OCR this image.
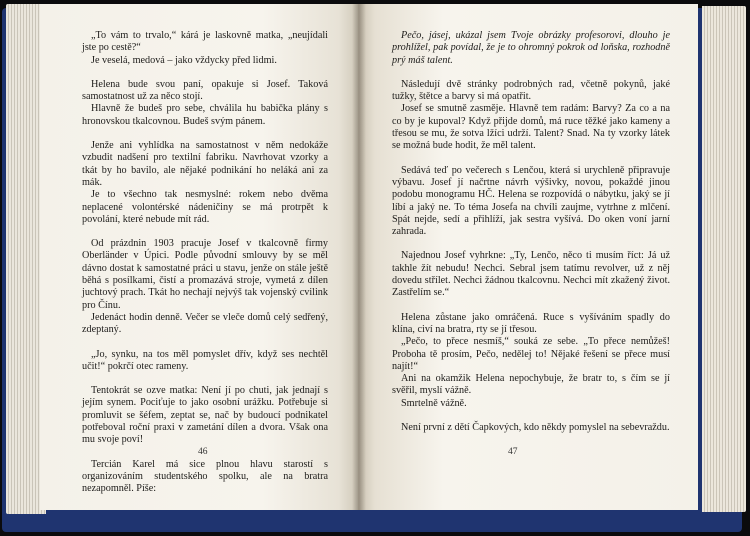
„To vám to trvalo,“ kárá je laskovně matka, „neujídali jste po cestě?“

Je veselá, medová – jako vždycky před lidmi.

Helena bude svou paní, opakuje si Josef. Taková samostatnost už za něco stojí.

Hlavně že budeš pro sebe, chválila hu babička plány s hronovskou tkalcovnou. Budeš svým pánem.

Jenže ani vyhlídka na samostatnost v něm nedokáže vzbudit nadšení pro textilní fabriku. Navrhovat vzorky a tkát by ho bavilo, ale nějaké podnikání ho neláká ani za mák.

Je to všechno tak nesmyslné: rokem nebo dvěma neplacené volontérské nádeničiny se má protrpět k povolání, které nebude mít rád.

Od prázdnin 1903 pracuje Josef v tkalcovně firmy Oberländer v Úpici. Podle původní smlouvy by se měl dávno dostat k samostatné práci u stavu, jenže on stále ještě běhá s posílkami, čistí a promazává stroje, vymetá z dílen juchtový prach. Tkát ho nechají nejvýš tak vojenský cvilink pro Čínu.

Jedenáct hodin denně. Večer se vleče domů celý sedřený, zdeptaný.

„Jo, synku, na tos měl pomyslet dřív, když ses nechtěl učit!“ pokrčí otec rameny.

Tentokrát se ozve matka: Není jí po chuti, jak jednají s jejím synem. Pociťuje to jako osobní urážku. Potřebuje si promluvit se šéfem, zeptat se, nač by budoucí podnikatel potřeboval roční praxi v zametání dílen a dvora. Však ona mu svoje poví!

Tercián Karel má sice plnou hlavu starostí s organizováním studentského spolku, ale na bratra nezapomněl. Píše:

46

Pečo, jásej, ukázal jsem Tvoje obrázky profesorovi, dlouho je prohlížel, pak povídal, že je to ohromný pokrok od loňska, rozhodně prý máš talent.

Následují dvě stránky podrobných rad, včetně pokynů, jaké tužky, štětce a barvy si má opatřit.

Josef se smutně zasměje. Hlavně tem radám: Barvy? Za co a na co by je kupoval? Když přijde domů, má ruce těžké jako kameny a třesou se mu, že sotva lžíci udrží. Talent? Snad. Na ty vzorky látek se možná bude hodit, že měl talent.

Sedává teď po večerech s Lenčou, která si urychleně připravuje výbavu. Josef jí načrtne návrh výšivky, novou, pokaždé jinou podobu monogramu HČ. Helena se rozpovídá o nábytku, jaký se jí líbí a jaký ne. To téma Josefa na chvíli zaujme, vytrhne z mlčení. Spát nejde, sedí a přihlíží, jak sestra vyšívá. Do oken voní jarní zahrada.

Najednou Josef vyhrkne: „Ty, Lenčo, něco ti musím říct: Já už takhle žít nebudu! Nechci. Sebral jsem tatímu revolver, už z něj dovedu střílet. Nechci žádnou tkalcovnu. Nechci mít zkažený život. Zastřelím se.“

Helena zůstane jako omráčená. Ruce s vyšíváním spadly do klína, civí na bratra, rty se jí třesou.

„Pečo, to přece nesmíš,“ souká ze sebe. „To přece nemůžeš! Proboha tě prosím, Pečo, nedělej to! Nějaké řešení se přece musí najít!“

Ani na okamžik Helena nepochybuje, že bratr to, s čím se jí svěřil, myslí vážně.

Smrtelně vážně.

Není první z dětí Čapkových, kdo někdy pomyslel na sebevraždu.

47
